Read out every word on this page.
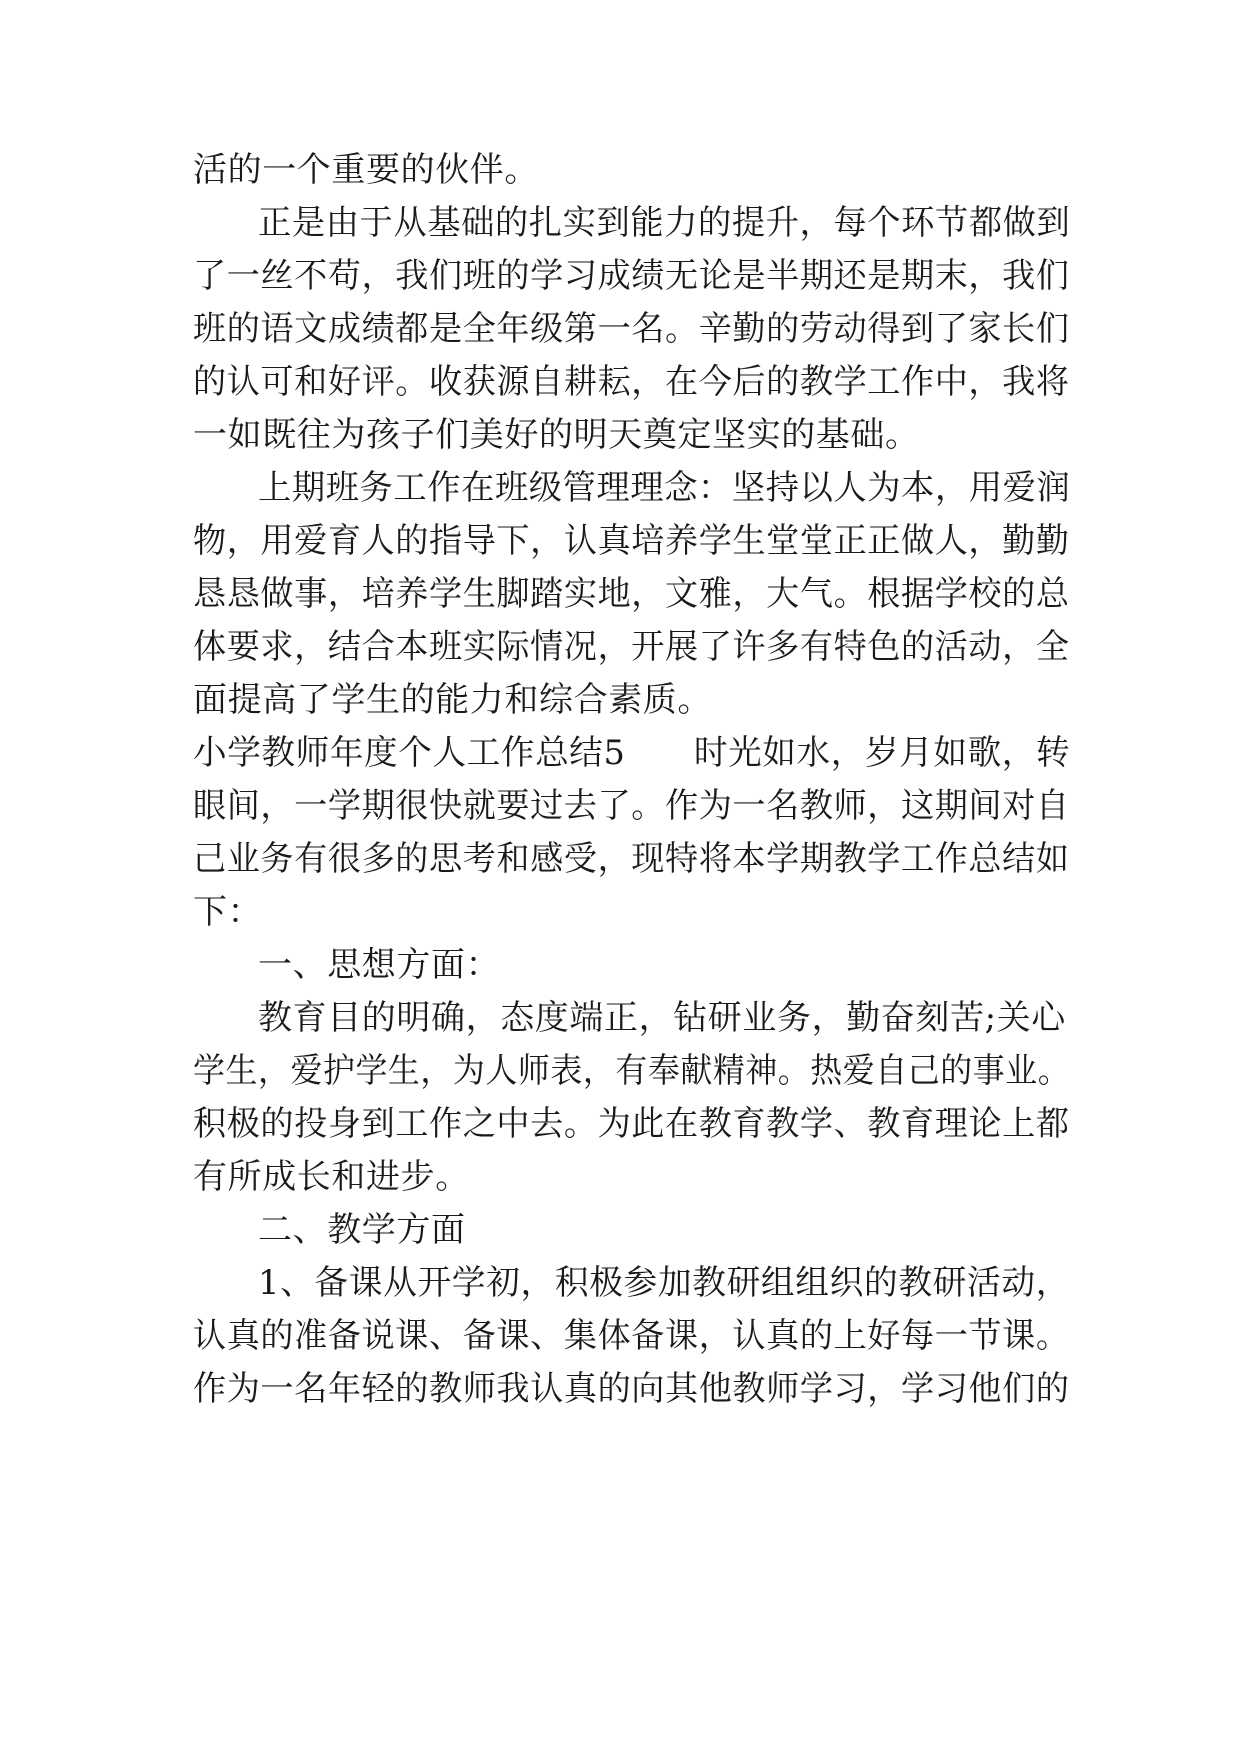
活的一个重要的伙伴。
正是由于从基础的扎实到能力的提升，每个环节都做到
了一丝不苟，我们班的学习成绩无论是半期还是期末，我们
班的语文成绩都是全年级第一名。辛勤的劳动得到了家长们
的认可和好评。收获源自耕耘，在今后的教学工作中，我将
一如既往为孩子们美好的明天奠定坚实的基础。
上期班务工作在班级管理理念：坚持以人为本，用爱润
物，用爱育人的指导下，认真培养学生堂堂正正做人，勤勤
恳恳做事，培养学生脚踏实地，文雅，大气。根据学校的总
体要求，结合本班实际情况，开展了许多有特色的活动，全
面提高了学生的能力和综合素质。
小学教师年度个人工作总结5　　时光如水，岁月如歌，转
眼间，一学期很快就要过去了。作为一名教师，这期间对自
己业务有很多的思考和感受，现特将本学期教学工作总结如
下：
一、思想方面：
教育目的明确，态度端正，钻研业务，勤奋刻苦;关心
学生，爱护学生，为人师表，有奉献精神。热爱自己的事业。
积极的投身到工作之中去。为此在教育教学、教育理论上都
有所成长和进步。
二、教学方面
1、备课从开学初，积极参加教研组组织的教研活动，
认真的准备说课、备课、集体备课，认真的上好每一节课。
作为一名年轻的教师我认真的向其他教师学习，学习他们的
